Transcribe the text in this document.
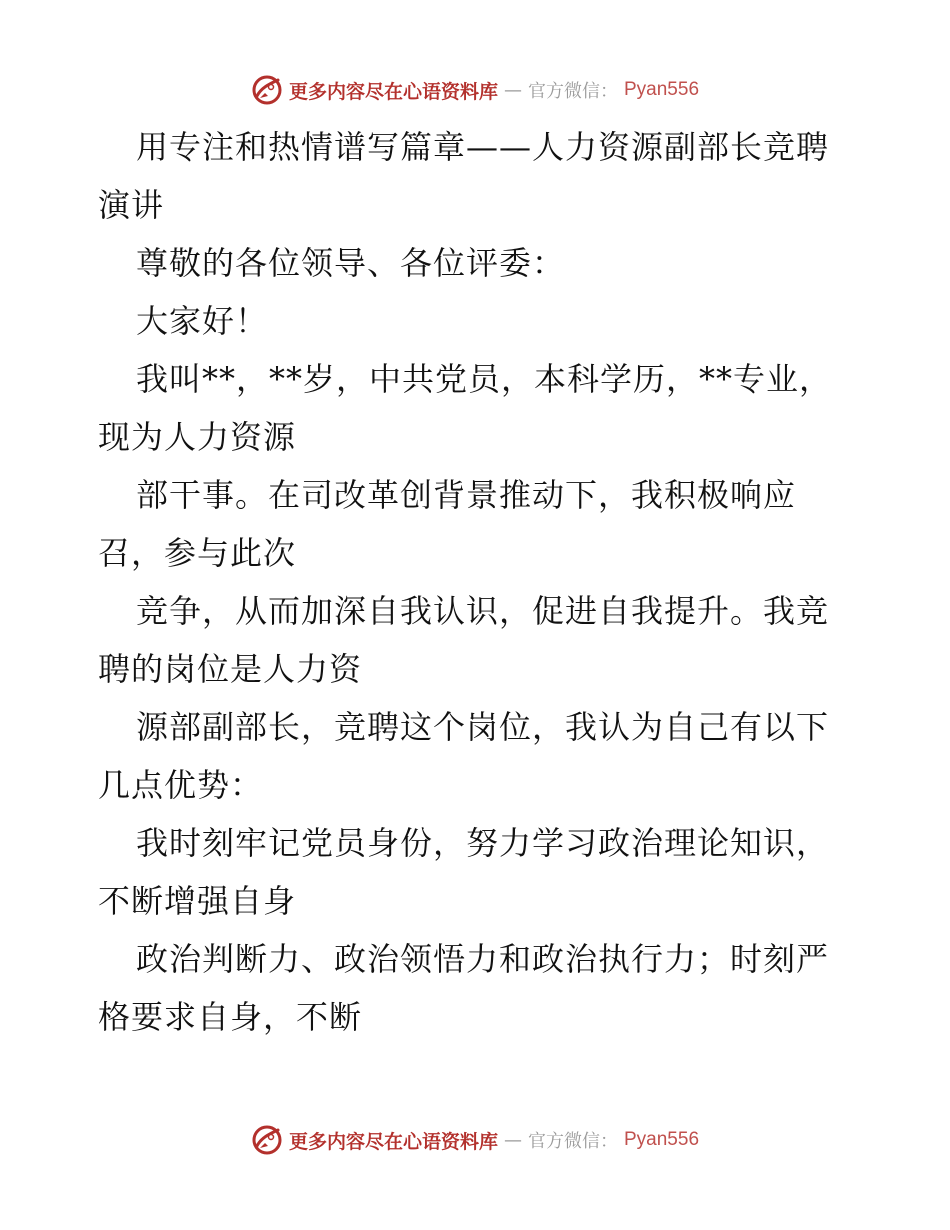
更多内容尽在心语资料库 — 官方微信： Pyan556
用专注和热情谱写篇章——人力资源副部长竞聘
演讲
尊敬的各位领导、各位评委：
大家好！
我叫**，**岁，中共党员，本科学历，**专业，
现为人力资源
部干事。在司改革创背景推动下，我积极响应
召，参与此次
竞争，从而加深自我认识，促进自我提升。我竞
聘的岗位是人力资
源部副部长，竞聘这个岗位，我认为自己有以下
几点优势：
我时刻牢记党员身份，努力学习政治理论知识，
不断增强自身
政治判断力、政治领悟力和政治执行力；时刻严
格要求自身，不断
更多内容尽在心语资料库 — 官方微信： Pyan556
